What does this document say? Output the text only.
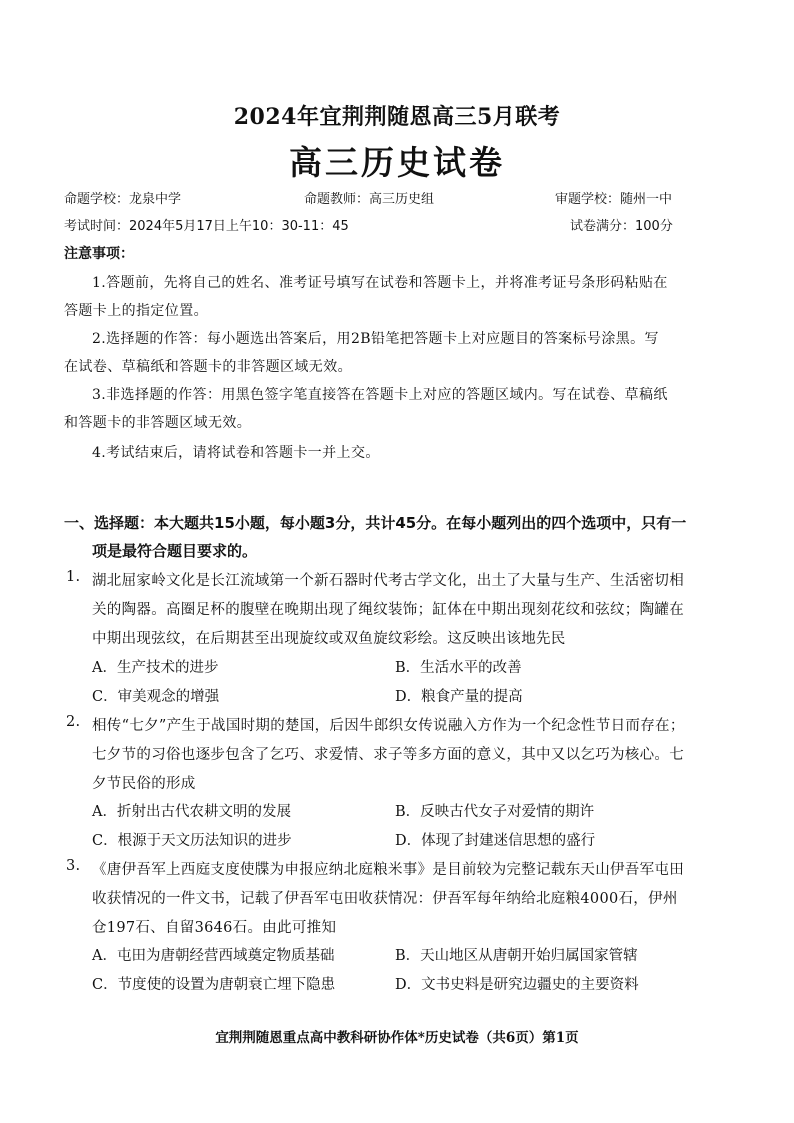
2024年宜荆荆随恩高三5月联考
高三历史试卷
命题学校：龙泉中学	命题教师：高三历史组	审题学校：随州一中
考试时间：2024年5月17日上午10：30-11：45	试卷满分：100分
注意事项：
1.答题前，先将自己的姓名、准考证号填写在试卷和答题卡上，并将准考证号条形码粘贴在
答题卡上的指定位置。
2.选择题的作答：每小题选出答案后，用2B铅笔把答题卡上对应题目的答案标号涂黑。写
在试卷、草稿纸和答题卡的非答题区域无效。
3.非选择题的作答：用黑色签字笔直接答在答题卡上对应的答题区域内。写在试卷、草稿纸
和答题卡的非答题区域无效。
4.考试结束后，请将试卷和答题卡一并上交。
一、选择题：本大题共15小题，每小题3分，共计45分。在每小题列出的四个选项中，只有一
项是最符合题目要求的。
1. 湖北屈家岭文化是长江流域第一个新石器时代考古学文化，出土了大量与生产、生活密切相
关的陶器。高圈足杯的腹壁在晚期出现了绳纹装饰；缸体在中期出现刻花纹和弦纹；陶罐在
中期出现弦纹，在后期甚至出现旋纹或双鱼旋纹彩绘。这反映出该地先民
A．生产技术的进步	B．生活水平的改善
C．审美观念的增强	D．粮食产量的提高
2. 相传“七夕”产生于战国时期的楚国，后因牛郎织女传说融入方作为一个纪念性节日而存在；
七夕节的习俗也逐步包含了乞巧、求爱情、求子等多方面的意义，其中又以乞巧为核心。七
夕节民俗的形成
A．折射出古代农耕文明的发展	B．反映古代女子对爱情的期许
C．根源于天文历法知识的进步	D．体现了封建迷信思想的盛行
3. 《唐伊吾军上西庭支度使牒为申报应纳北庭粮米事》是目前较为完整记载东天山伊吾军屯田
收获情况的一件文书，记载了伊吾军屯田收获情况：伊吾军每年纳给北庭粮4000石，伊州
仓197石、自留3646石。由此可推知
A．屯田为唐朝经营西域奠定物质基础	B．天山地区从唐朝开始归属国家管辖
C．节度使的设置为唐朝衰亡埋下隐患	D．文书史料是研究边疆史的主要资料
宜荆荆随恩重点高中教科研协作体*历史试卷（共6页）第1页
